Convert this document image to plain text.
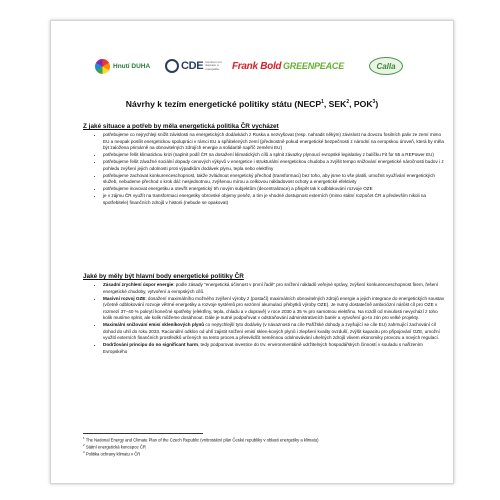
Hnutí DUHA	CDE Centrum pro dopravu a energetiku	Frank Bold GREENPEACE	Calla
Návrhy k tezím energetické politiky státu (NECP$^1$, SEK$^2$, POK$^3$)
Z jaké situace a potřeb by měla energetická politika ČR vycházet
• potřebujeme co nejrychleji snížit závislosti na energetických dodávkách z Ruska a nezvyšovat (resp. nahradit někým) závislost na dovozu fosilních paliv ze zemí mimo EU a neopak posílit energetickou spolupráci v rámci EU a spřátelených zemí (přednostně pokud energetické bezpečnosti z národní na evropskou úroveň, která by měla být založena primárně na obnovitelných zdrojích energie a solidaritě napříč zeměmi EU)
• potřebujeme řešit klimatickou krizi (naplnit podíl ČR na dosažení klimatických cílů a splnit závazky plynoucí evropské legislativy z balíčku Fit for 55 a REPower EU)
• potřebujeme řešit závažné sociální dopady cenových výkyvů v energetice i strukturální energetickou chudobu a zvýšit tempo snižování energetické náročnosti budov i z pohledu zvýšení jejich odolnosti proti výpadkům dodávek plynu, tepla nebo elektřiny
• potřebujeme zachovat konkurenceschopnost, takže zvládnout energetický přechod (transformaci) bez toho, aby jsme to vše platili, umožnit využívání energetických služeb, nebudeme přechod o krok dál: nesjednotnou, zvýšenou mírou a celkovou nákladovost ochoty a energetické efektivity
• potřebujeme inovovat energetiku a otevřít energetický trh novým subjektům (decentralizace) a přispět tak k odblokování rozvoje OZE
• je v zájmu ČR využít na transformaci energetiky obrovské objemy peněz, a tím je vhodné dostupnost externích (mimo státní rozpočet ČR a především nikoli na spotřebitele) finančních zdrojů v historii (nebude se opakovat)
Jaké by měly být hlavní body energetické politiky ČR
• Zásadní zrychlení úspor energie: podle zásady "energetická účinnost v první řadě" pro snížení nákladů veřejné správy, zvýšení konkurenceschopnost firem, řešení energetické chudoby, vytvoření a evropských cílů.
• Masivní rozvoj OZE: dosažení maximálního možného zvýšení výroby z (postačí) maximálních obnovitelných zdrojů energie a jejich integrace do energetických soustav (včetně odblokování rozvoje větrné energetiky a rozvoje systémů pro sezónní akumulaci přebytků výroby OZE). Je nutný dostatečně ambiciózní nárůst cíl pro OZE v rozmezí 37–40 % pokrytí konečné spotřeby (elektřiny, tepla, chladu a v dopravě) v roce 2030 a 35 % pro samotnou elektřinu. Na rozdíl od minulosti nevychází z toho kolik musíme splnit, ale kolik můžeme dosáhnout. Dále je nutné podpořovat v odstraňování administrativních bariér a vytvoření go-to zón pro velké projekty.
• Maximální snižování emisí skleníkových plynů co nejrychlejší tyto dodávky (v návaznosti na cíle Pařížské dohody a zvyšující se cíle EU) zahrnující zachování cíl dohod do uhlí do roku 2033. Racionální odklon od uhlí zajistit snížení emisí sklen-kových plynů i zlepšení kvality ovzduší, zvýšit kapacitu pro připojování OZE, umožní využití externích finančních prostředků určených na tento proces a přesvědčit neměnnou odolnovávání uhelných zdrojů vlivem ekonomiky provozu a nových regulací.
• Dodržování principu do no significant harm, tedy podporovat investice do trv. environmentálně udržitelných hospodářských činností v souladu s nařízením Evropského
$^1$ The National Energy and Climate Plan of the Czech Republic (vnitrostátní plán České republiky v oblasti energetiky a klimatu)
$^2$ Státní energetická koncepce ČR
$^3$ Politika ochrany klimatu v ČR
